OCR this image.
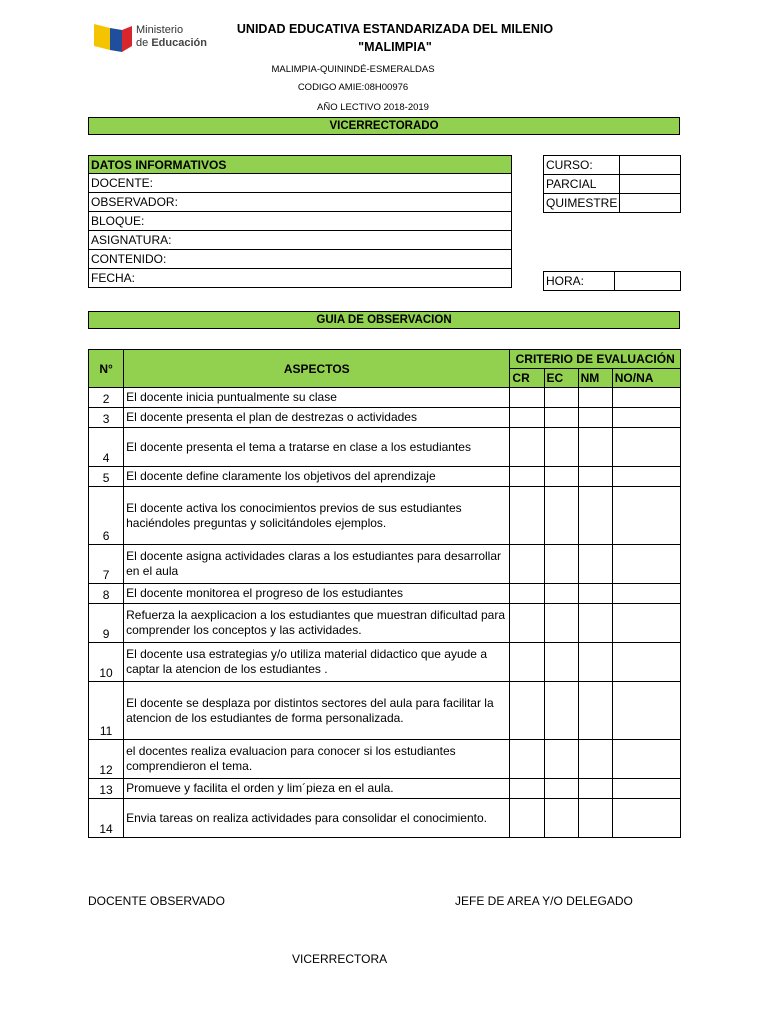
Ministerio
de Educación
UNIDAD EDUCATIVA ESTANDARIZADA DEL MILENIO
"MALIMPIA"
MALIMPIA-QUININDÉ-ESMERALDAS
CODIGO AMIE:08H00976
AÑO LECTIVO 2018-2019
VICERRECTORADO
DATOS INFORMATIVOS
DOCENTE:
OBSERVADOR:
BLOQUE:
ASIGNATURA:
CONTENIDO:
FECHA:
CURSO:	
PARCIAL	
QUIMESTRE	
HORA:	
GUIA DE OBSERVACION
N°	ASPECTOS	CRITERIO DE EVALUACIÓN			
		CR	EC	NM	NO/NA
2	El docente inicia puntualmente su clase				
3	El docente presenta el plan de destrezas o actividades				
4	El docente presenta el tema a tratarse en clase a los estudiantes				
5	El docente define claramente los objetivos del aprendizaje				
6	El docente activa los conocimientos previos de sus estudiantes haciéndoles preguntas y solicitándoles ejemplos.				
7	El docente asigna actividades claras a los estudiantes para desarrollar en el aula				
8	El docente monitorea el progreso de los estudiantes				
9	Refuerza la aexplicacion a los estudiantes que muestran dificultad para comprender los conceptos y las actividades.				
10	El docente usa estrategias y/o utiliza material didactico que ayude a captar la atencion de los estudiantes .				
11	El docente se desplaza por distintos sectores del aula para facilitar la atencion de los estudiantes de forma personalizada.				
12	el docentes realiza evaluacion para conocer si los estudiantes comprendieron el tema.				
13	Promueve y facilita el orden y lim´pieza en el aula.				
14	Envia tareas on realiza actividades para consolidar el conocimiento.				
DOCENTE OBSERVADO	JEFE DE AREA Y/O DELEGADO
VICERRECTORA
